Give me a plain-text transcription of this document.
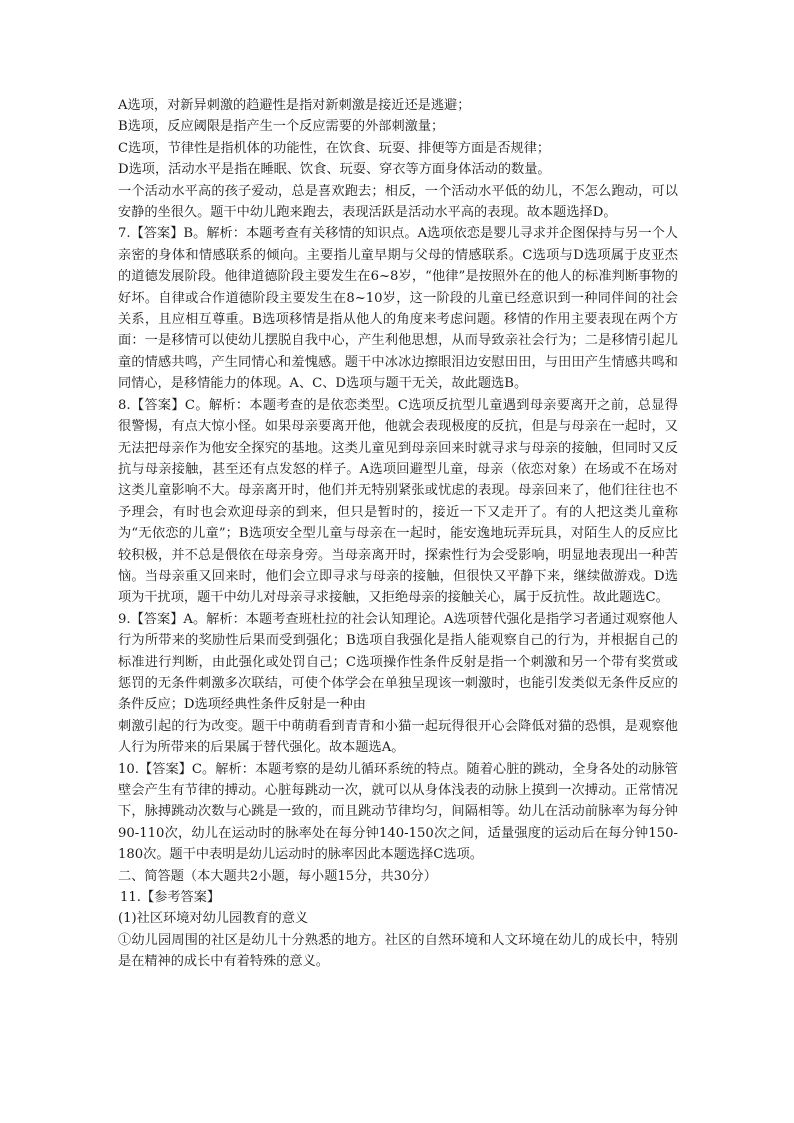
A选项，对新异刺激的趋避性是指对新刺激是接近还是逃避；

B选项，反应阈限是指产生一个反应需要的外部刺激量；

C选项，节律性是指机体的功能性，在饮食、玩耍、排便等方面是否规律；

D选项，活动水平是指在睡眠、饮食、玩耍、穿衣等方面身体活动的数量。

一个活动水平高的孩子爱动，总是喜欢跑去；相反，一个活动水平低的幼儿，不怎么跑动，可以安静的坐很久。题干中幼儿跑来跑去，表现活跃是活动水平高的表现。故本题选择D。

7.【答案】B。解析：本题考查有关移情的知识点。A选项依恋是婴儿寻求并企图保持与另一个人亲密的身体和情感联系的倾向。主要指儿童早期与父母的情感联系。C选项与D选项属于皮亚杰的道德发展阶段。他律道德阶段主要发生在6~8岁，“他律”是按照外在的他人的标准判断事物的好坏。自律或合作道德阶段主要发生在8~10岁，这一阶段的儿童已经意识到一种同伴间的社会关系，且应相互尊重。B选项移情是指从他人的角度来考虑问题。移情的作用主要表现在两个方面：一是移情可以使幼儿摆脱自我中心，产生利他思想，从而导致亲社会行为；二是移情引起儿童的情感共鸣，产生同情心和羞愧感。题干中冰冰边擦眼泪边安慰田田，与田田产生情感共鸣和同情心，是移情能力的体现。A、C、D选项与题干无关，故此题选B。

8.【答案】C。解析：本题考查的是依恋类型。C选项反抗型儿童遇到母亲要离开之前，总显得很警惕，有点大惊小怪。如果母亲要离开他，他就会表现极度的反抗，但是与母亲在一起时，又无法把母亲作为他安全探究的基地。这类儿童见到母亲回来时就寻求与母亲的接触，但同时又反抗与母亲接触，甚至还有点发怒的样子。A选项回避型儿童，母亲（依恋对象）在场或不在场对这类儿童影响不大。母亲离开时，他们并无特别紧张或忧虑的表现。母亲回来了，他们往往也不予理会，有时也会欢迎母亲的到来，但只是暂时的，接近一下又走开了。有的人把这类儿童称为“无依恋的儿童”；B选项安全型儿童与母亲在一起时，能安逸地玩弄玩具，对陌生人的反应比较积极，并不总是偎依在母亲身旁。当母亲离开时，探索性行为会受影响，明显地表现出一种苦恼。当母亲重又回来时，他们会立即寻求与母亲的接触，但很快又平静下来，继续做游戏。D选项为干扰项，题干中幼儿对母亲寻求接触，又拒绝母亲的接触关心，属于反抗性。故此题选C。

9.【答案】A。解析：本题考查班杜拉的社会认知理论。A选项替代强化是指学习者通过观察他人行为所带来的奖励性后果而受到强化；B选项自我强化是指人能观察自己的行为，并根据自己的标准进行判断，由此强化或处罚自己；C选项操作性条件反射是指一个刺激和另一个带有奖赏或惩罚的无条件刺激多次联结，可使个体学会在单独呈现该一刺激时，也能引发类似无条件反应的条件反应；D选项经典性条件反射是一种由

刺激引起的行为改变。题干中萌萌看到青青和小猫一起玩得很开心会降低对猫的恐惧，是观察他人行为所带来的后果属于替代强化。故本题选A。

10.【答案】C。解析：本题考察的是幼儿循环系统的特点。随着心脏的跳动，全身各处的动脉管壁会产生有节律的搏动。心脏每跳动一次，就可以从身体浅表的动脉上摸到一次搏动。正常情况下，脉搏跳动次数与心跳是一致的，而且跳动节律均匀，间隔相等。幼儿在活动前脉率为每分钟90-110次，幼儿在运动时的脉率处在每分钟140-150次之间，适量强度的运动后在每分钟150-180次。题干中表明是幼儿运动时的脉率因此本题选择C选项。

二、简答题（本大题共2小题，每小题15分，共30分）

11.【参考答案】

(1)社区环境对幼儿园教育的意义

①幼儿园周围的社区是幼儿十分熟悉的地方。社区的自然环境和人文环境在幼儿的成长中，特别是在精神的成长中有着特殊的意义。
